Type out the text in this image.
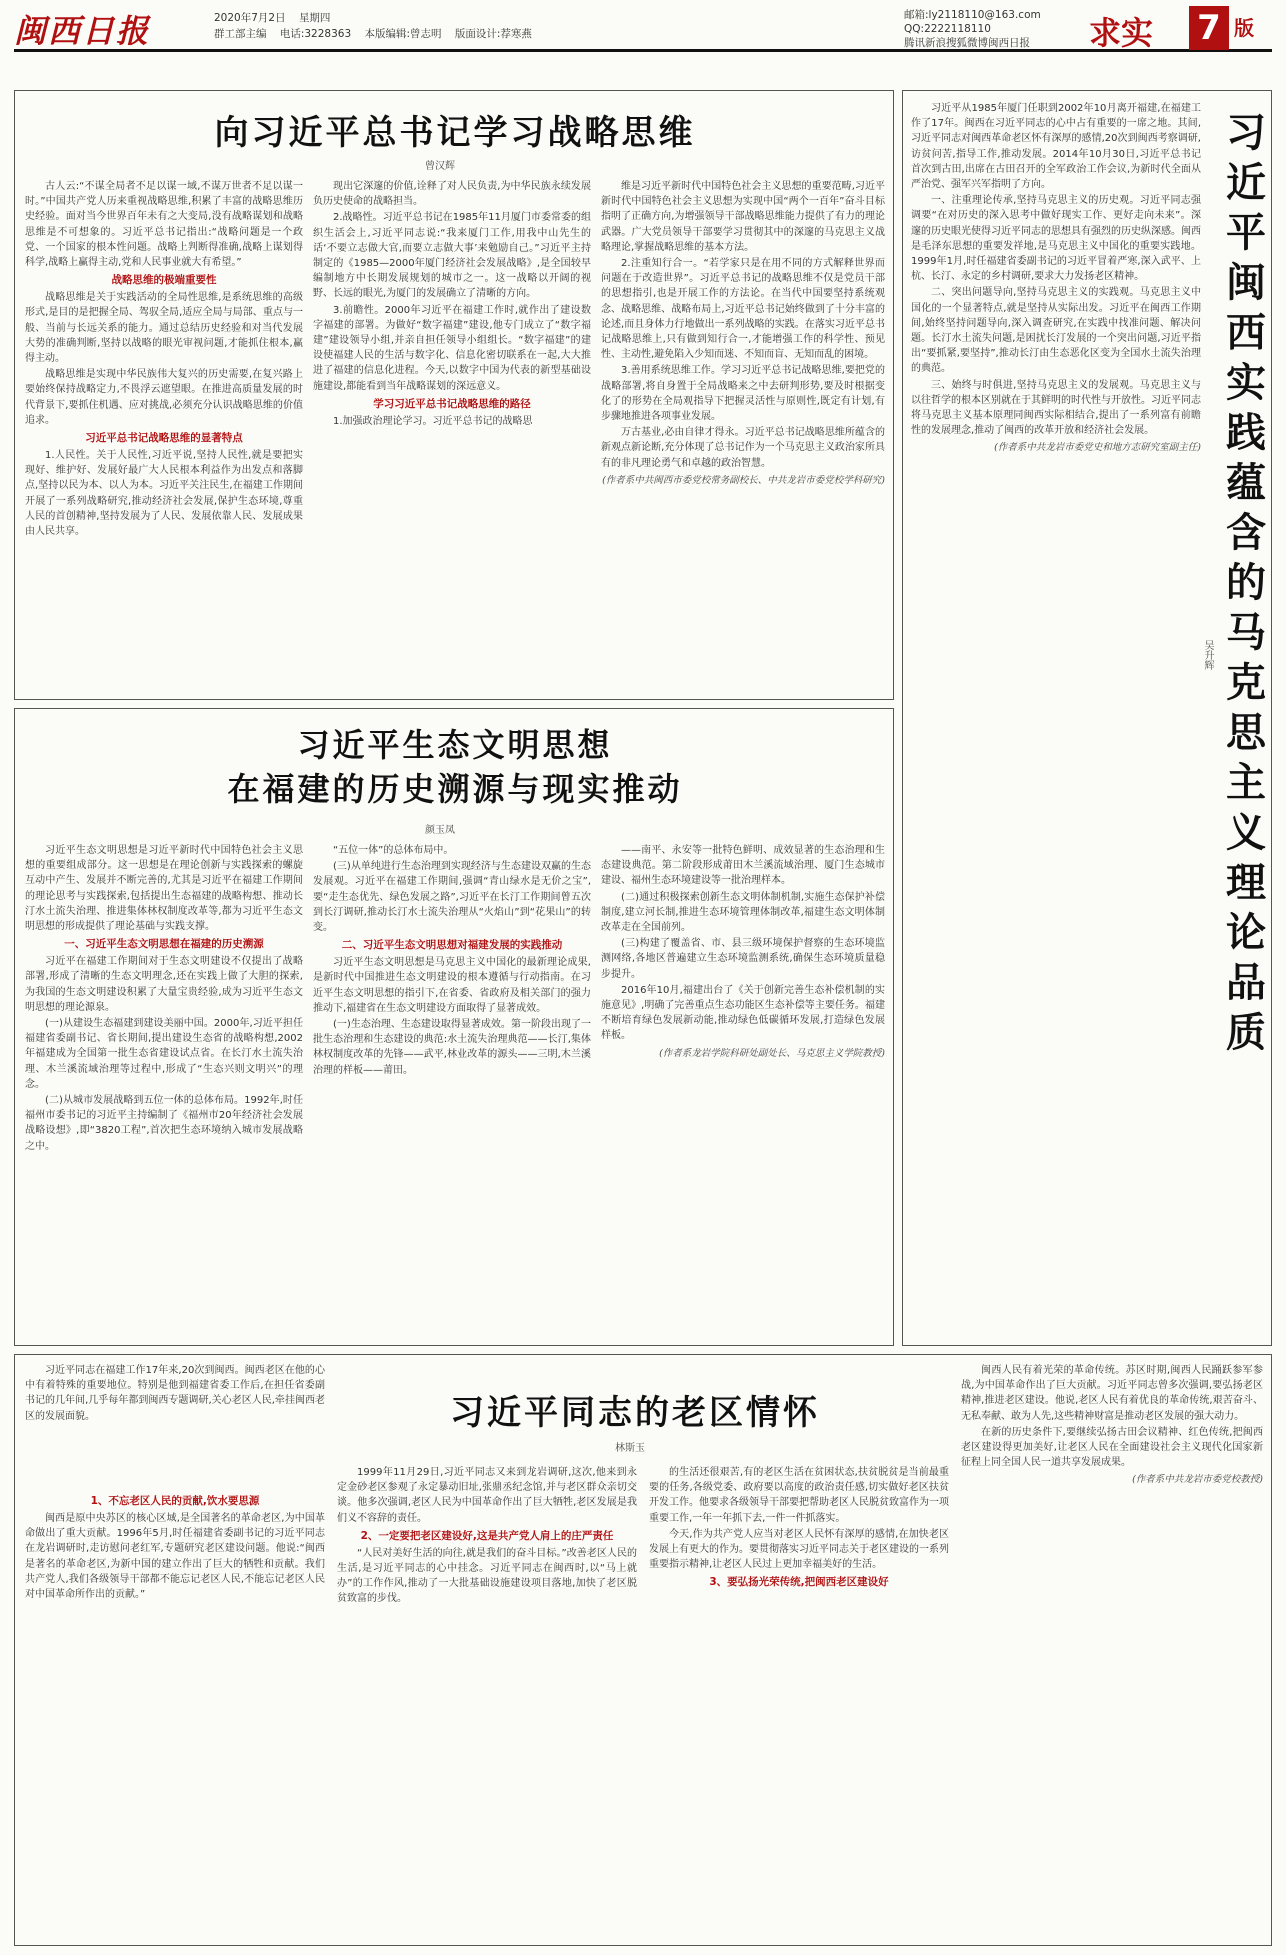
闽西日报	2020年7月2日 星期四
群工部主编 电话:3228363 本版编辑:曾志明 版面设计:荐寒燕
邮箱:ly2118110@163.com
QQ:2222118110
腾讯新浪搜狐微博闽西日报	求实 7 版
向习近平总书记学习战略思维
曾汉辉

古人云:“不谋全局者不足以谋一域,不谋万世者不足以谋一时。”中国共产党人历来重视战略思维,积累了丰富的战略思维历史经验。面对当今世界百年未有之大变局,没有战略谋划和战略思维是不可想象的。习近平总书记指出:“战略问题是一个政党、一个国家的根本性问题。战略上判断得准确,战略上谋划得科学,战略上赢得主动,党和人民事业就大有希望。”

战略思维的极端重要性

战略思维是关于实践活动的全局性思维,是系统思维的高级形式,是目的是把握全局、驾驭全局,适应全局与局部、重点与一般、当前与长远关系的能力。通过总结历史经验和对当代发展大势的准确判断,坚持以战略的眼光审视问题,才能抓住根本,赢得主动。

战略思维是实现中华民族伟大复兴的历史需要,在复兴路上要始终保持战略定力,不畏浮云遮望眼。在推进高质量发展的时代背景下,要抓住机遇、应对挑战,必须充分认识战略思维的价值追求。

习近平总书记战略思维的显著特点

1.人民性。关于人民性,习近平说,坚持人民性,就是要把实现好、维护好、发展好最广大人民根本利益作为出发点和落脚点,坚持以民为本、以人为本。习近平关注民生,在福建工作期间开展了一系列战略研究,推动经济社会发展,保护生态环境,尊重人民的首创精神,坚持发展为了人民、发展依靠人民、发展成果由人民共享。

现出它深邃的价值,诠释了对人民负责,为中华民族永续发展负历史使命的战略担当。

2.战略性。习近平总书记在1985年11月厦门市委常委的组织生活会上,习近平同志说:“我来厦门工作,用我中山先生的话‘不要立志做大官,而要立志做大事’来勉励自己。”习近平主持制定的《1985—2000年厦门经济社会发展战略》,是全国较早编制地方中长期发展规划的城市之一。这一战略以开阔的视野、长远的眼光,为厦门的发展确立了清晰的方向。

3.前瞻性。2000年习近平在福建工作时,就作出了建设数字福建的部署。为做好“数字福建”建设,他专门成立了“数字福建”建设领导小组,并亲自担任领导小组组长。“数字福建”的建设使福建人民的生活与数字化、信息化密切联系在一起,大大推进了福建的信息化进程。今天,以数字中国为代表的新型基础设施建设,都能看到当年战略谋划的深远意义。

学习习近平总书记战略思维的路径

1.加强政治理论学习。习近平总书记的战略思

维是习近平新时代中国特色社会主义思想的重要范畴,习近平新时代中国特色社会主义思想为实现中国“两个一百年”奋斗目标指明了正确方向,为增强领导干部战略思维能力提供了有力的理论武器。广大党员领导干部要学习贯彻其中的深邃的马克思主义战略理论,掌握战略思维的基本方法。

2.注重知行合一。“若学家只是在用不同的方式解释世界而问题在于改造世界”。习近平总书记的战略思维不仅是党员干部的思想指引,也是开展工作的方法论。在当代中国要坚持系统观念、战略思维、战略布局上,习近平总书记始终做到了十分丰富的论述,而且身体力行地做出一系列战略的实践。在落实习近平总书记战略思维上,只有做到知行合一,才能增强工作的科学性、预见性、主动性,避免陷入少知而迷、不知而盲、无知而乱的困境。

3.善用系统思维工作。学习习近平总书记战略思维,要把党的战略部署,将自身置于全局战略来之中去研判形势,要及时根据变化了的形势在全局观指导下把握灵活性与原则性,既定有计划,有步骤地推进各项事业发展。

万古基业,必由自律才得永。习近平总书记战略思维所蕴含的新观点新论断,充分体现了总书记作为一个马克思主义政治家所具有的非凡理论勇气和卓越的政治智慧。

(作者系中共闽西市委党校常务副校长、中共龙岩市委党校学科研究)
习近平生态文明思想
在福建的历史溯源与现实推动
颜玉凤

习近平生态文明思想是习近平新时代中国特色社会主义思想的重要组成部分。这一思想是在理论创新与实践探索的螺旋互动中产生、发展并不断完善的,尤其是习近平在福建工作期间的理论思考与实践探索,包括提出生态福建的战略构想、推动长汀水土流失治理、推进集体林权制度改革等,都为习近平生态文明思想的形成提供了理论基础与实践支撑。

一、习近平生态文明思想在福建的历史溯源

习近平在福建工作期间对于生态文明建设不仅提出了战略部署,形成了清晰的生态文明理念,还在实践上做了大胆的探索,为我国的生态文明建设积累了大量宝贵经验,成为习近平生态文明思想的理论源泉。

(一)从建设生态福建到建设美丽中国。2000年,习近平担任福建省委副书记、省长期间,提出建设生态省的战略构想,2002年福建成为全国第一批生态省建设试点省。在长汀水土流失治理、木兰溪流域治理等过程中,形成了“生态兴则文明兴”的理念。

(二)从城市发展战略到五位一体的总体布局。1992年,时任福州市委书记的习近平主持编制了《福州市20年经济社会发展战略设想》,即“3820工程”,首次把生态环境纳入城市发展战略之中。

“五位一体”的总体布局中。

(三)从单纯进行生态治理到实现经济与生态建设双赢的生态发展观。习近平在福建工作期间,强调“青山绿水是无价之宝”,要“走生态优先、绿色发展之路”,习近平在长汀工作期间曾五次到长汀调研,推动长汀水土流失治理从“火焰山”到“花果山”的转变。

二、习近平生态文明思想对福建发展的实践推动

习近平生态文明思想是马克思主义中国化的最新理论成果,是新时代中国推进生态文明建设的根本遵循与行动指南。在习近平生态文明思想的指引下,在省委、省政府及相关部门的强力推动下,福建省在生态文明建设方面取得了显著成效。

(一)生态治理、生态建设取得显著成效。第一阶段出现了一批生态治理和生态建设的典范:水土流失治理典范——长汀,集体林权制度改革的先锋——武平,林业改革的源头——三明,木兰溪治理的样板——莆田。

——南平、永安等一批特色鲜明、成效显著的生态治理和生态建设典范。第二阶段形成莆田木兰溪流域治理、厦门生态城市建设、福州生态环境建设等一批治理样本。

(二)通过积极探索创新生态文明体制机制,实施生态保护补偿制度,建立河长制,推进生态环境管理体制改革,福建生态文明体制改革走在全国前列。

(三)构建了覆盖省、市、县三级环境保护督察的生态环境监测网络,各地区普遍建立生态环境监测系统,确保生态环境质量稳步提升。

2016年10月,福建出台了《关于创新完善生态补偿机制的实施意见》,明确了完善重点生态功能区生态补偿等主要任务。福建不断培育绿色发展新动能,推动绿色低碳循环发展,打造绿色发展样板。

(作者系龙岩学院科研处副处长、马克思主义学院教授)

习近平从1985年厦门任职到2002年10月离开福建,在福建工作了17年。闽西在习近平同志的心中占有重要的一席之地。其间,习近平同志对闽西革命老区怀有深厚的感情,20次到闽西考察调研,访贫问苦,指导工作,推动发展。2014年10月30日,习近平总书记首次到古田,出席在古田召开的全军政治工作会议,为新时代全面从严治党、强军兴军指明了方向。

一、注重理论传承,坚持马克思主义的历史观。习近平同志强调要“在对历史的深入思考中做好现实工作、更好走向未来”。深邃的历史眼光使得习近平同志的思想具有强烈的历史纵深感。闽西是毛泽东思想的重要发祥地,是马克思主义中国化的重要实践地。1999年1月,时任福建省委副书记的习近平冒着严寒,深入武平、上杭、长汀、永定的乡村调研,要求大力发扬老区精神。

二、突出问题导向,坚持马克思主义的实践观。马克思主义中国化的一个显著特点,就是坚持从实际出发。习近平在闽西工作期间,始终坚持问题导向,深入调查研究,在实践中找准问题、解决问题。长汀水土流失问题,是困扰长汀发展的一个突出问题,习近平指出“要抓紧,要坚持”,推动长汀由生态恶化区变为全国水土流失治理的典范。

三、始终与时俱进,坚持马克思主义的发展观。马克思主义与以往哲学的根本区别就在于其鲜明的时代性与开放性。习近平同志将马克思主义基本原理同闽西实际相结合,提出了一系列富有前瞻性的发展理念,推动了闽西的改革开放和经济社会发展。

(作者系中共龙岩市委党史和地方志研究室副主任)
习近平闽西实践蕴含的马克思主义理论品质
吴升辉

习近平同志在福建工作17年来,20次到闽西。闽西老区在他的心中有着特殊的重要地位。特别是他到福建省委工作后,在担任省委副书记的几年间,几乎每年都到闽西专题调研,关心老区人民,牵挂闽西老区的发展面貌。	习近平同志的老区情怀
林斯玉
1、不忘老区人民的贡献,饮水要思源

闽西是原中央苏区的核心区域,是全国著名的革命老区,为中国革命做出了重大贡献。1996年5月,时任福建省委副书记的习近平同志在龙岩调研时,走访慰问老红军,专题研究老区建设问题。他说:“闽西是著名的革命老区,为新中国的建立作出了巨大的牺牲和贡献。我们共产党人,我们各级领导干部都不能忘记老区人民,不能忘记老区人民对中国革命所作出的贡献。”

1999年11月29日,习近平同志又来到龙岩调研,这次,他来到永定金砂老区参观了永定暴动旧址,张鼎丞纪念馆,并与老区群众亲切交谈。他多次强调,老区人民为中国革命作出了巨大牺牲,老区发展是我们义不容辞的责任。

2、一定要把老区建设好,这是共产党人肩上的庄严责任

“人民对美好生活的向往,就是我们的奋斗目标。”改善老区人民的生活,是习近平同志的心中挂念。习近平同志在闽西时,以“马上就办”的工作作风,推动了一大批基础设施建设项目落地,加快了老区脱贫致富的步伐。

的生活还很艰苦,有的老区生活在贫困状态,扶贫脱贫是当前最重要的任务,各级党委、政府要以高度的政治责任感,切实做好老区扶贫开发工作。他要求各级领导干部要把帮助老区人民脱贫致富作为一项重要工作,一年一年抓下去,一件一件抓落实。

今天,作为共产党人应当对老区人民怀有深厚的感情,在加快老区发展上有更大的作为。要贯彻落实习近平同志关于老区建设的一系列重要指示精神,让老区人民过上更加幸福美好的生活。

3、要弘扬光荣传统,把闽西老区建设好

闽西人民有着光荣的革命传统。苏区时期,闽西人民踊跃参军参战,为中国革命作出了巨大贡献。习近平同志曾多次强调,要弘扬老区精神,推进老区建设。他说,老区人民有着优良的革命传统,艰苦奋斗、无私奉献、敢为人先,这些精神财富是推动老区发展的强大动力。

在新的历史条件下,要继续弘扬古田会议精神、红色传统,把闽西老区建设得更加美好,让老区人民在全面建设社会主义现代化国家新征程上同全国人民一道共享发展成果。

(作者系中共龙岩市委党校教授)
